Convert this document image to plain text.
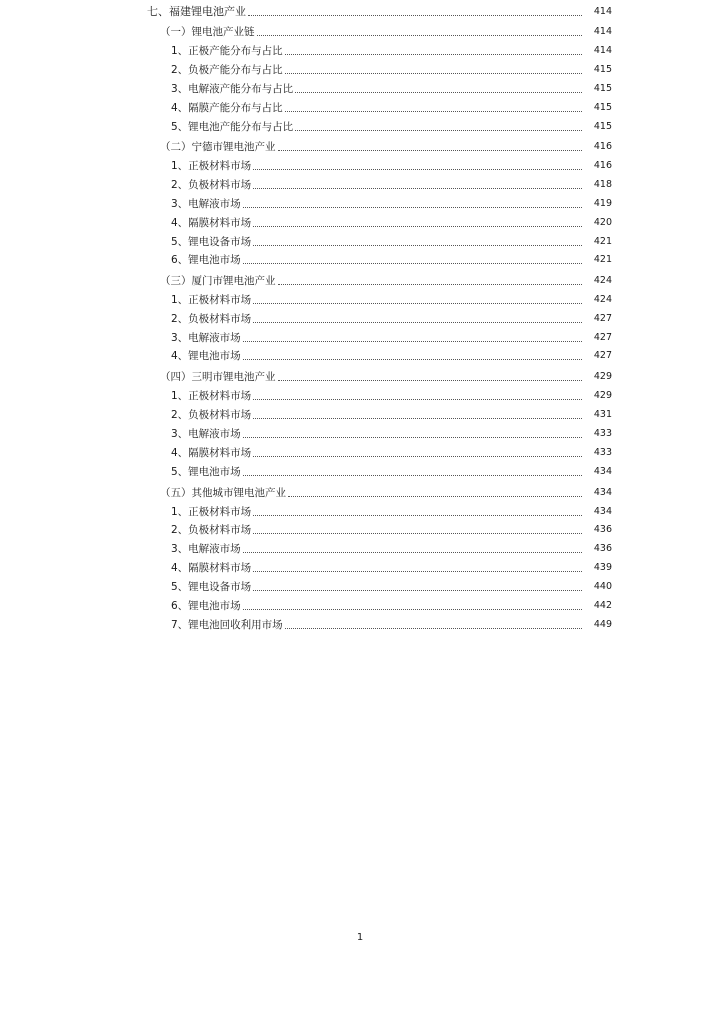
七、福建锂电池产业	414
（一）锂电池产业链	414
1、正极产能分布与占比	414
2、负极产能分布与占比	415
3、电解液产能分布与占比	415
4、隔膜产能分布与占比	415
5、锂电池产能分布与占比	415
（二）宁德市锂电池产业	416
1、正极材料市场	416
2、负极材料市场	418
3、电解液市场	419
4、隔膜材料市场	420
5、锂电设备市场	421
6、锂电池市场	421
（三）厦门市锂电池产业	424
1、正极材料市场	424
2、负极材料市场	427
3、电解液市场	427
4、锂电池市场	427
（四）三明市锂电池产业	429
1、正极材料市场	429
2、负极材料市场	431
3、电解液市场	433
4、隔膜材料市场	433
5、锂电池市场	434
（五）其他城市锂电池产业	434
1、正极材料市场	434
2、负极材料市场	436
3、电解液市场	436
4、隔膜材料市场	439
5、锂电设备市场	440
6、锂电池市场	442
7、锂电池回收利用市场	449
1
